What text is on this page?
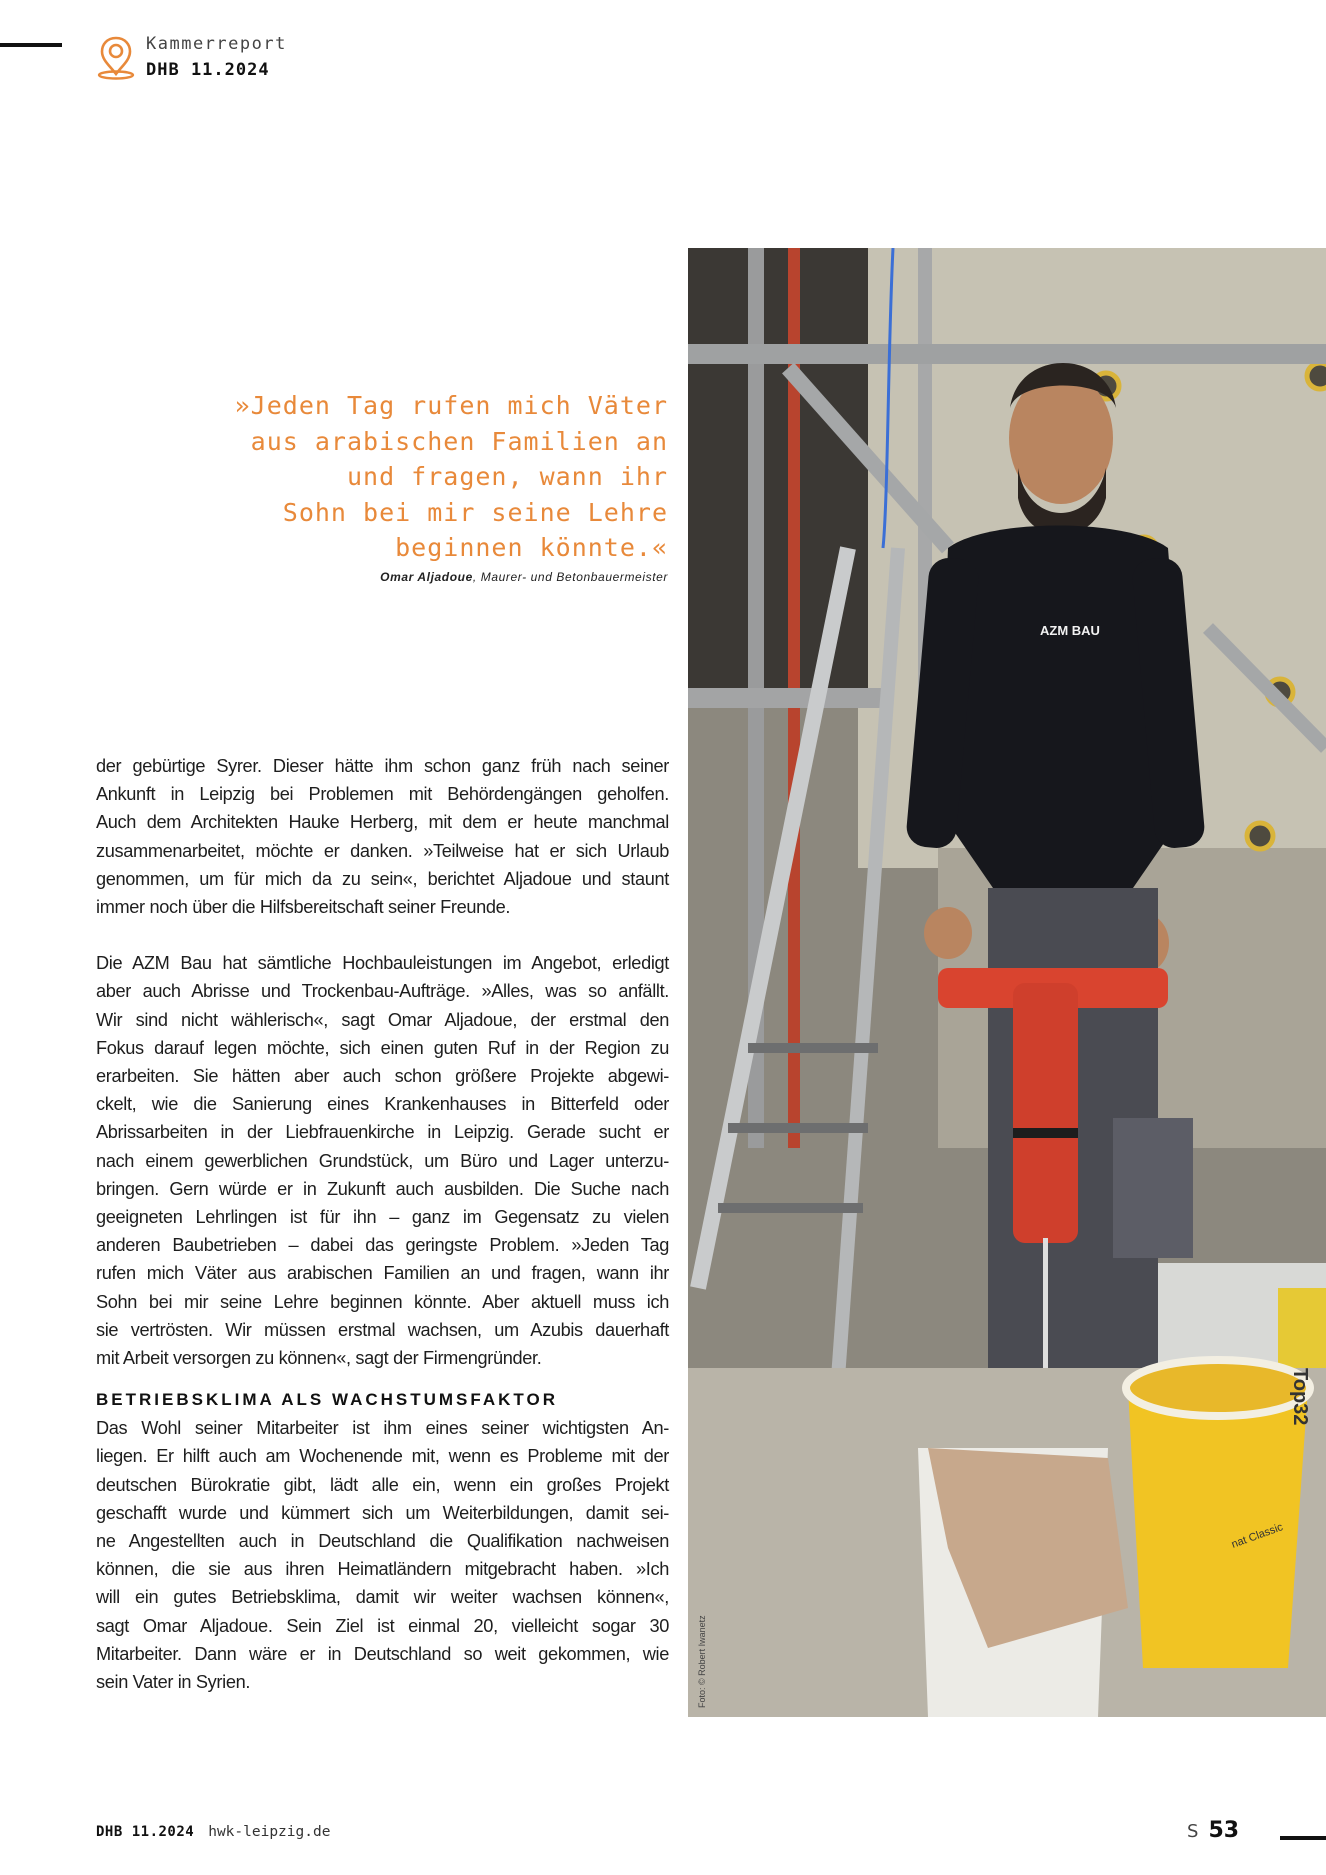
Kammerreport
DHB 11.2024
»Jeden Tag rufen mich Väter
aus arabischen Familien an
und fragen, wann ihr
Sohn bei mir seine Lehre
beginnen könnte.«
Omar Aljadoue, Maurer- und Betonbauermeister

der gebürtige Syrer. Dieser hätte ihm schon ganz früh nach seiner
Ankunft in Leipzig bei Problemen mit Behördengängen geholfen.
Auch dem Architekten Hauke Herberg, mit dem er heute manchmal
zusammenarbeitet, möchte er danken. »Teilweise hat er sich Urlaub
genommen, um für mich da zu sein«, berichtet Aljadoue und staunt
immer noch über die Hilfsbereitschaft seiner Freunde.

Die AZM Bau hat sämtliche Hochbauleistungen im Angebot, erledigt
aber auch Abrisse und Trockenbau-Aufträge. »Alles, was so anfällt.
Wir sind nicht wählerisch«, sagt Omar Aljadoue, der erstmal den
Fokus darauf legen möchte, sich einen guten Ruf in der Region zu
erarbeiten. Sie hätten aber auch schon größere Projekte abgewi-
ckelt, wie die Sanierung eines Krankenhauses in Bitterfeld oder
Abrissarbeiten in der Liebfrauenkirche in Leipzig. Gerade sucht er
nach einem gewerblichen Grundstück, um Büro und Lager unterzu-
bringen. Gern würde er in Zukunft auch ausbilden. Die Suche nach
geeigneten Lehrlingen ist für ihn – ganz im Gegensatz zu vielen
anderen Baubetrieben – dabei das geringste Problem. »Jeden Tag
rufen mich Väter aus arabischen Familien an und fragen, wann ihr
Sohn bei mir seine Lehre beginnen könnte. Aber aktuell muss ich
sie vertrösten. Wir müssen erstmal wachsen, um Azubis dauerhaft
mit Arbeit versorgen zu können«, sagt der Firmengründer.

BETRIEBSKLIMA ALS WACHSTUMSFAKTOR

Das Wohl seiner Mitarbeiter ist ihm eines seiner wichtigsten An-
liegen. Er hilft auch am Wochenende mit, wenn es Probleme mit der
deutschen Bürokratie gibt, lädt alle ein, wenn ein großes Projekt
geschafft wurde und kümmert sich um Weiterbildungen, damit sei-
ne Angestellten auch in Deutschland die Qualifikation nachweisen
können, die sie aus ihren Heimatländern mitgebracht haben. »Ich
will ein gutes Betriebsklima, damit wir weiter wachsen können«,
sagt Omar Aljadoue. Sein Ziel ist einmal 20, vielleicht sogar 30
Mitarbeiter. Dann wäre er in Deutschland so weit gekommen, wie
sein Vater in Syrien.

AZM BAU
nat Classic
Top32
Foto: © Robert Iwanetz
DHB 11.2024 hwk-leipzig.de	S 53
